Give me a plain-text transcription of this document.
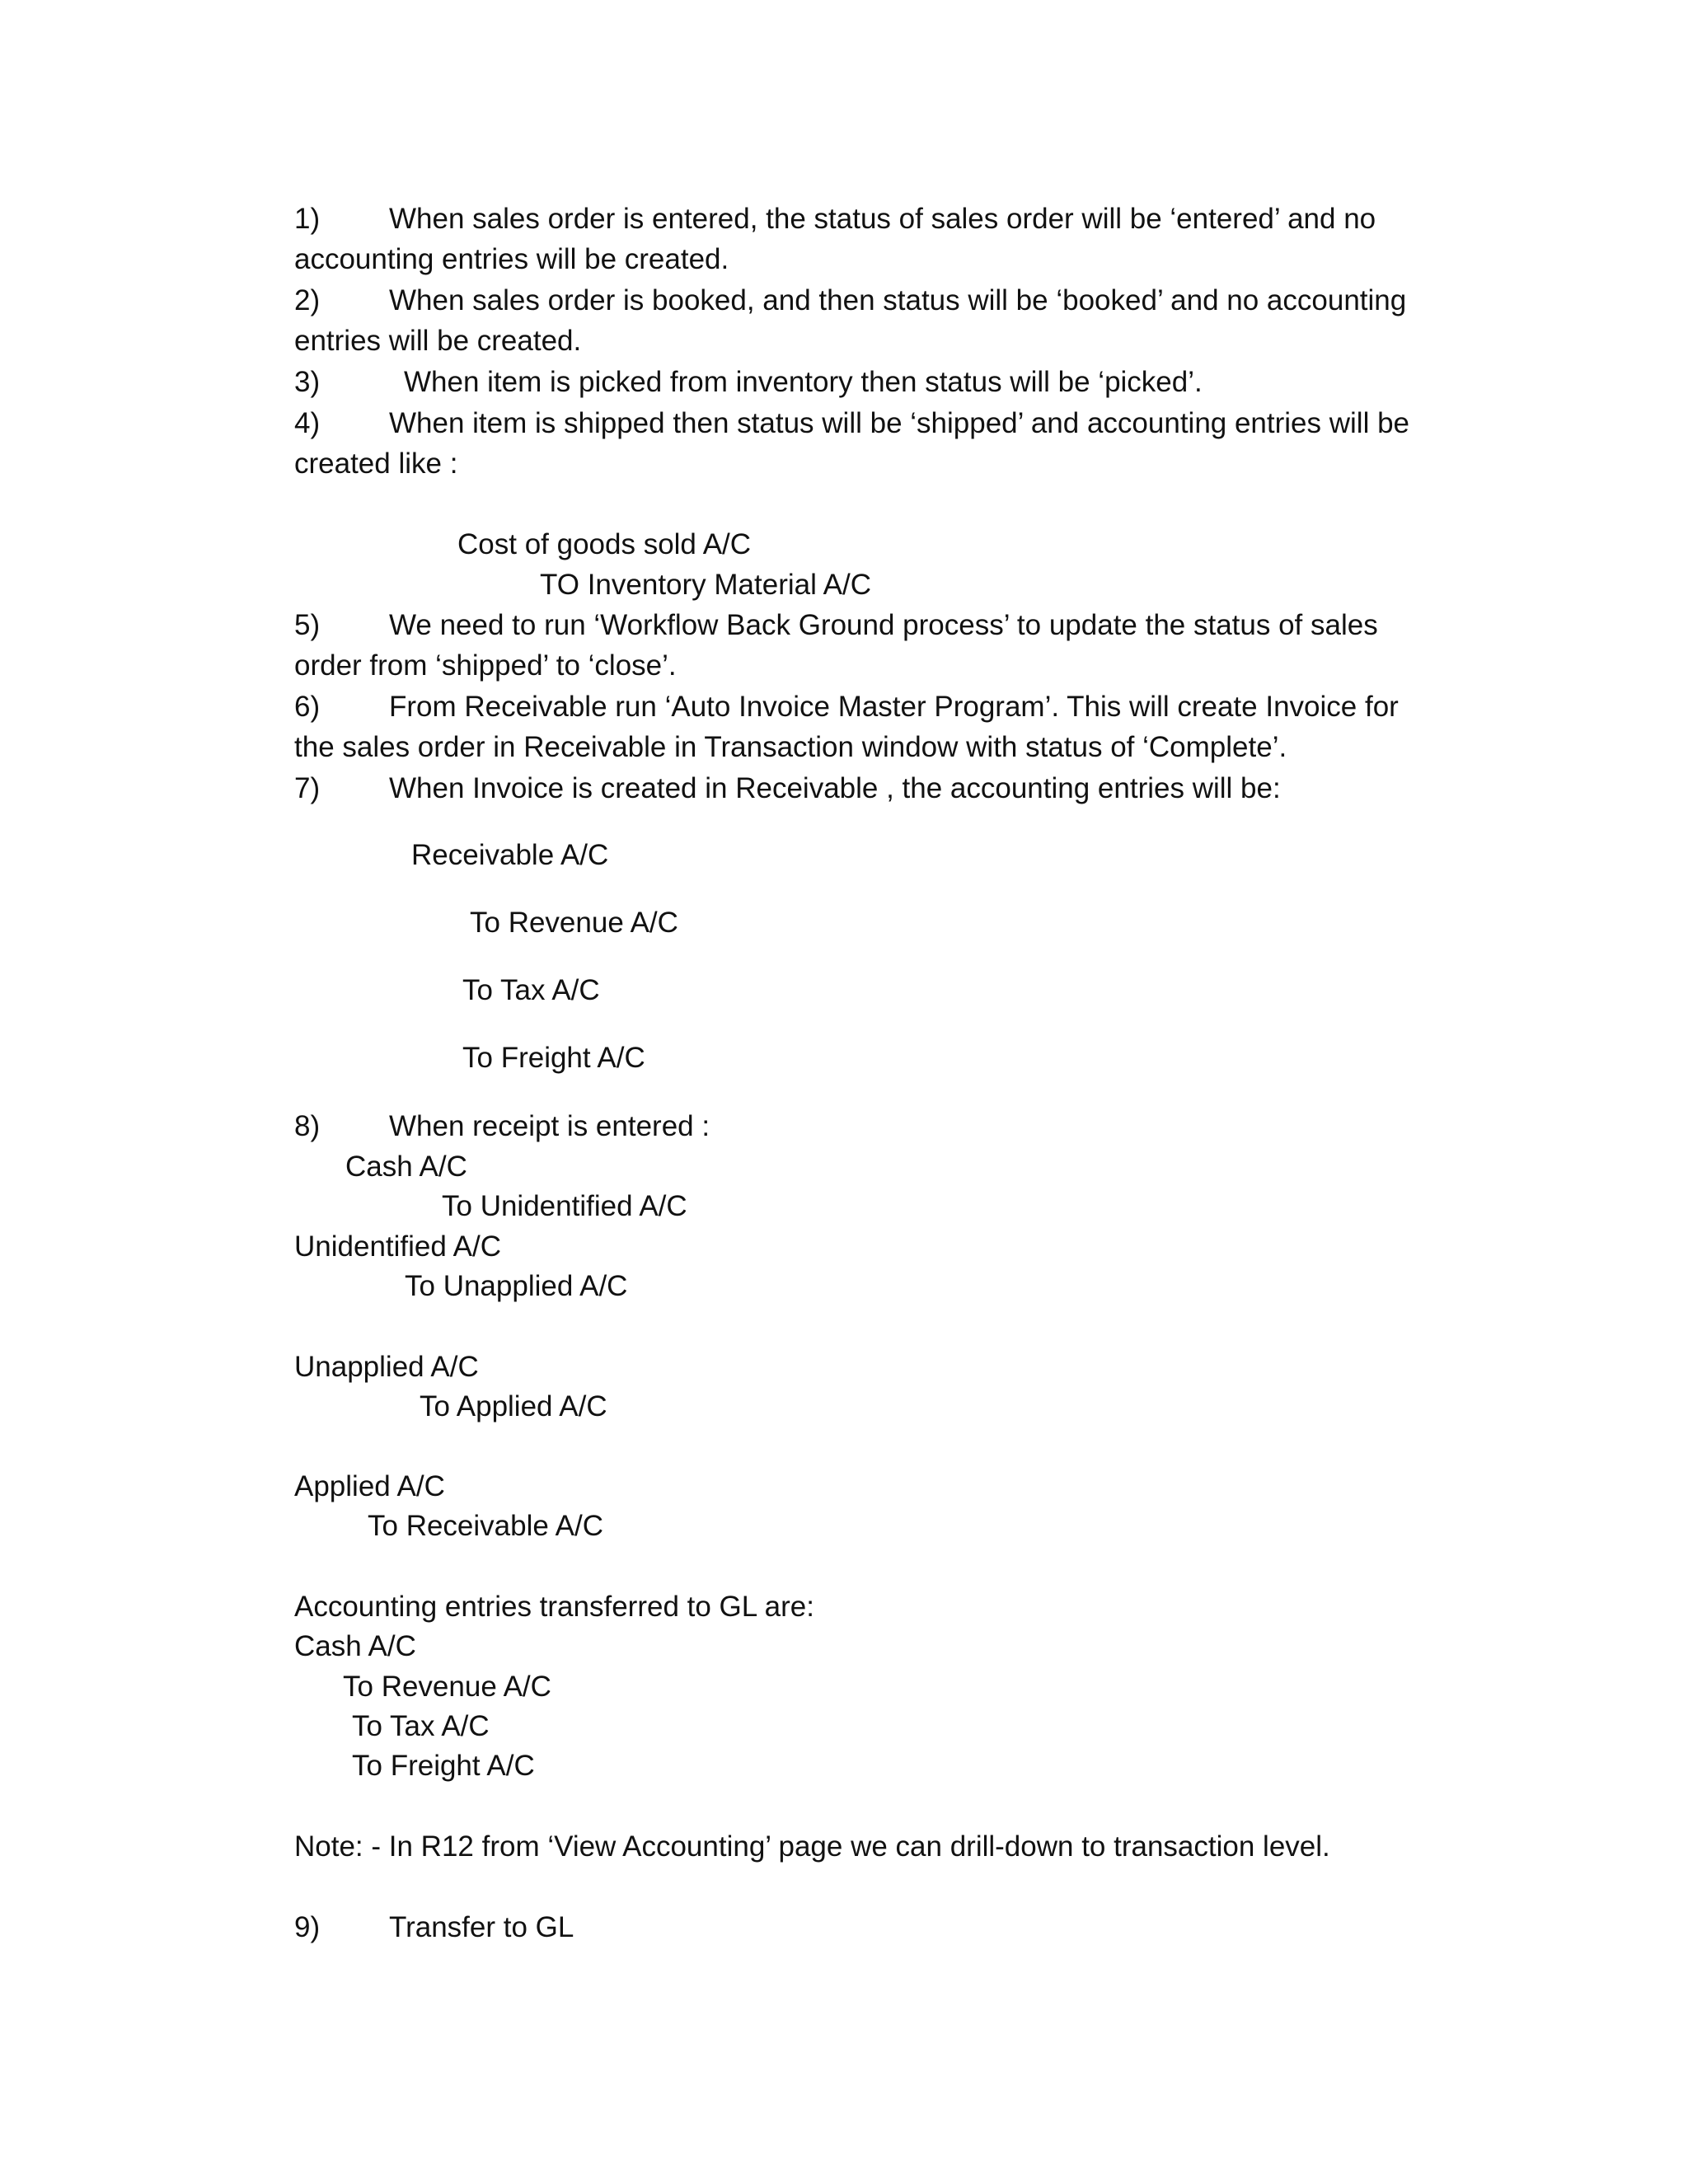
1) When sales order is entered, the status of sales order will be ‘entered’ and no
accounting entries will be created.
2) When sales order is booked, and then status will be ‘booked’ and no accounting
entries will be created.
3)	When item is picked from inventory then status will be ‘picked’.
4) When item is shipped then status will be ‘shipped’ and accounting entries will be
created like :
Cost of goods sold A/C
TO Inventory Material A/C
5) We need to run ‘Workflow Back Ground process’ to update the status of sales
order from ‘shipped’ to ‘close’.
6) From Receivable run ‘Auto Invoice Master Program’. This will create Invoice for
the sales order in Receivable in Transaction window with status of ‘Complete’.
7) When Invoice is created in Receivable , the accounting entries will be:
Receivable A/C
To Revenue A/C
To Tax A/C
To Freight A/C
8) When receipt is entered :
Cash A/C
To Unidentified A/C
Unidentified A/C
To Unapplied A/C
Unapplied A/C
To Applied A/C
Applied A/C
To Receivable A/C
Accounting entries transferred to GL are:
Cash A/C
To Revenue A/C
To Tax A/C
To Freight A/C
Note: - In R12 from ‘View Accounting’ page we can drill-down to transaction level.
9) Transfer to GL
